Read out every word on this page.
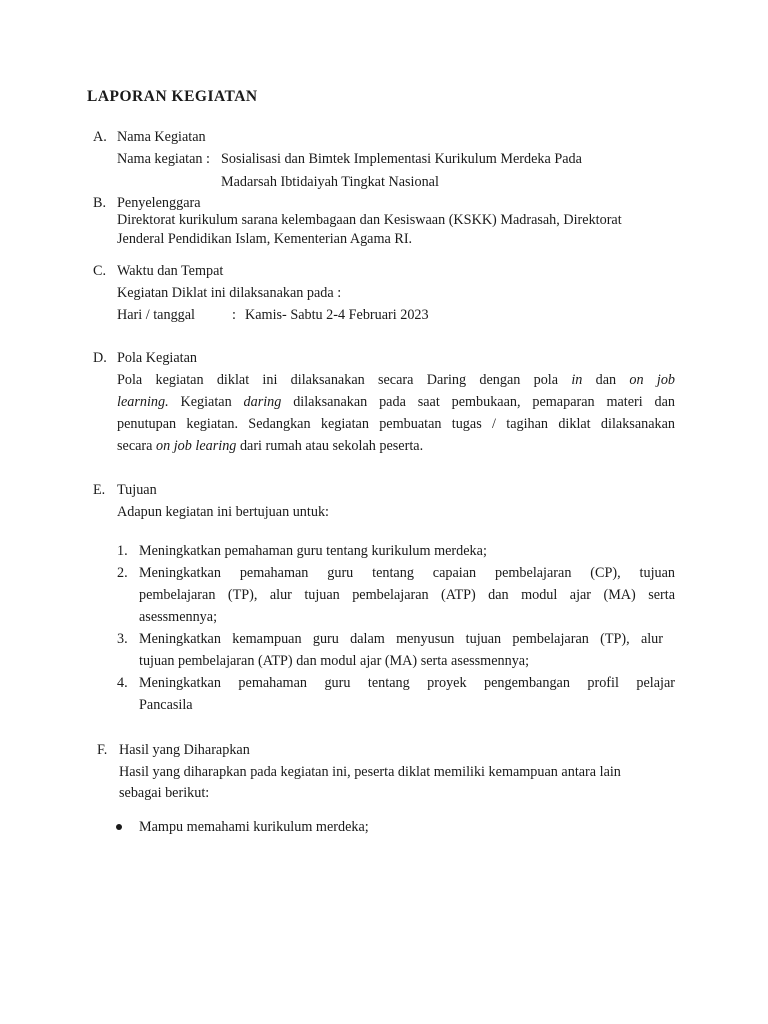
LAPORAN KEGIATAN
A. Nama Kegiatan
Nama kegiatan : Sosialisasi dan Bimtek Implementasi Kurikulum Merdeka Pada
Madarsah Ibtidaiyah Tingkat Nasional
B. Penyelenggara
Direktorat kurikulum sarana kelembagaan dan Kesiswaan (KSKK) Madrasah, Direktorat
Jenderal Pendidikan Islam, Kementerian Agama RI.
C. Waktu dan Tempat
Kegiatan Diklat ini dilaksanakan pada :
Hari / tanggal	: Kamis- Sabtu 2-4 Februari 2023
D. Pola Kegiatan
Pola kegiatan diklat ini dilaksanakan secara Daring dengan pola in dan on job
learning. Kegiatan daring dilaksanakan pada saat pembukaan, pemaparan materi dan
penutupan kegiatan. Sedangkan kegiatan pembuatan tugas / tagihan diklat dilaksanakan
secara on job learing dari rumah atau sekolah peserta.
E. Tujuan
Adapun kegiatan ini bertujuan untuk:
1. Meningkatkan pemahaman guru tentang kurikulum merdeka;
2. Meningkatkan pemahaman guru tentang capaian pembelajaran (CP), tujuan
pembelajaran (TP), alur tujuan pembelajaran (ATP) dan modul ajar (MA) serta
asessmennya;
3. Meningkatkan kemampuan guru dalam menyusun tujuan pembelajaran (TP), alur
tujuan pembelajaran (ATP) dan modul ajar (MA) serta asessmennya;
4. Meningkatkan pemahaman guru tentang proyek pengembangan profil pelajar
Pancasila
F. Hasil yang Diharapkan
Hasil yang diharapkan pada kegiatan ini, peserta diklat memiliki kemampuan antara lain
sebagai berikut:
Mampu memahami kurikulum merdeka;
